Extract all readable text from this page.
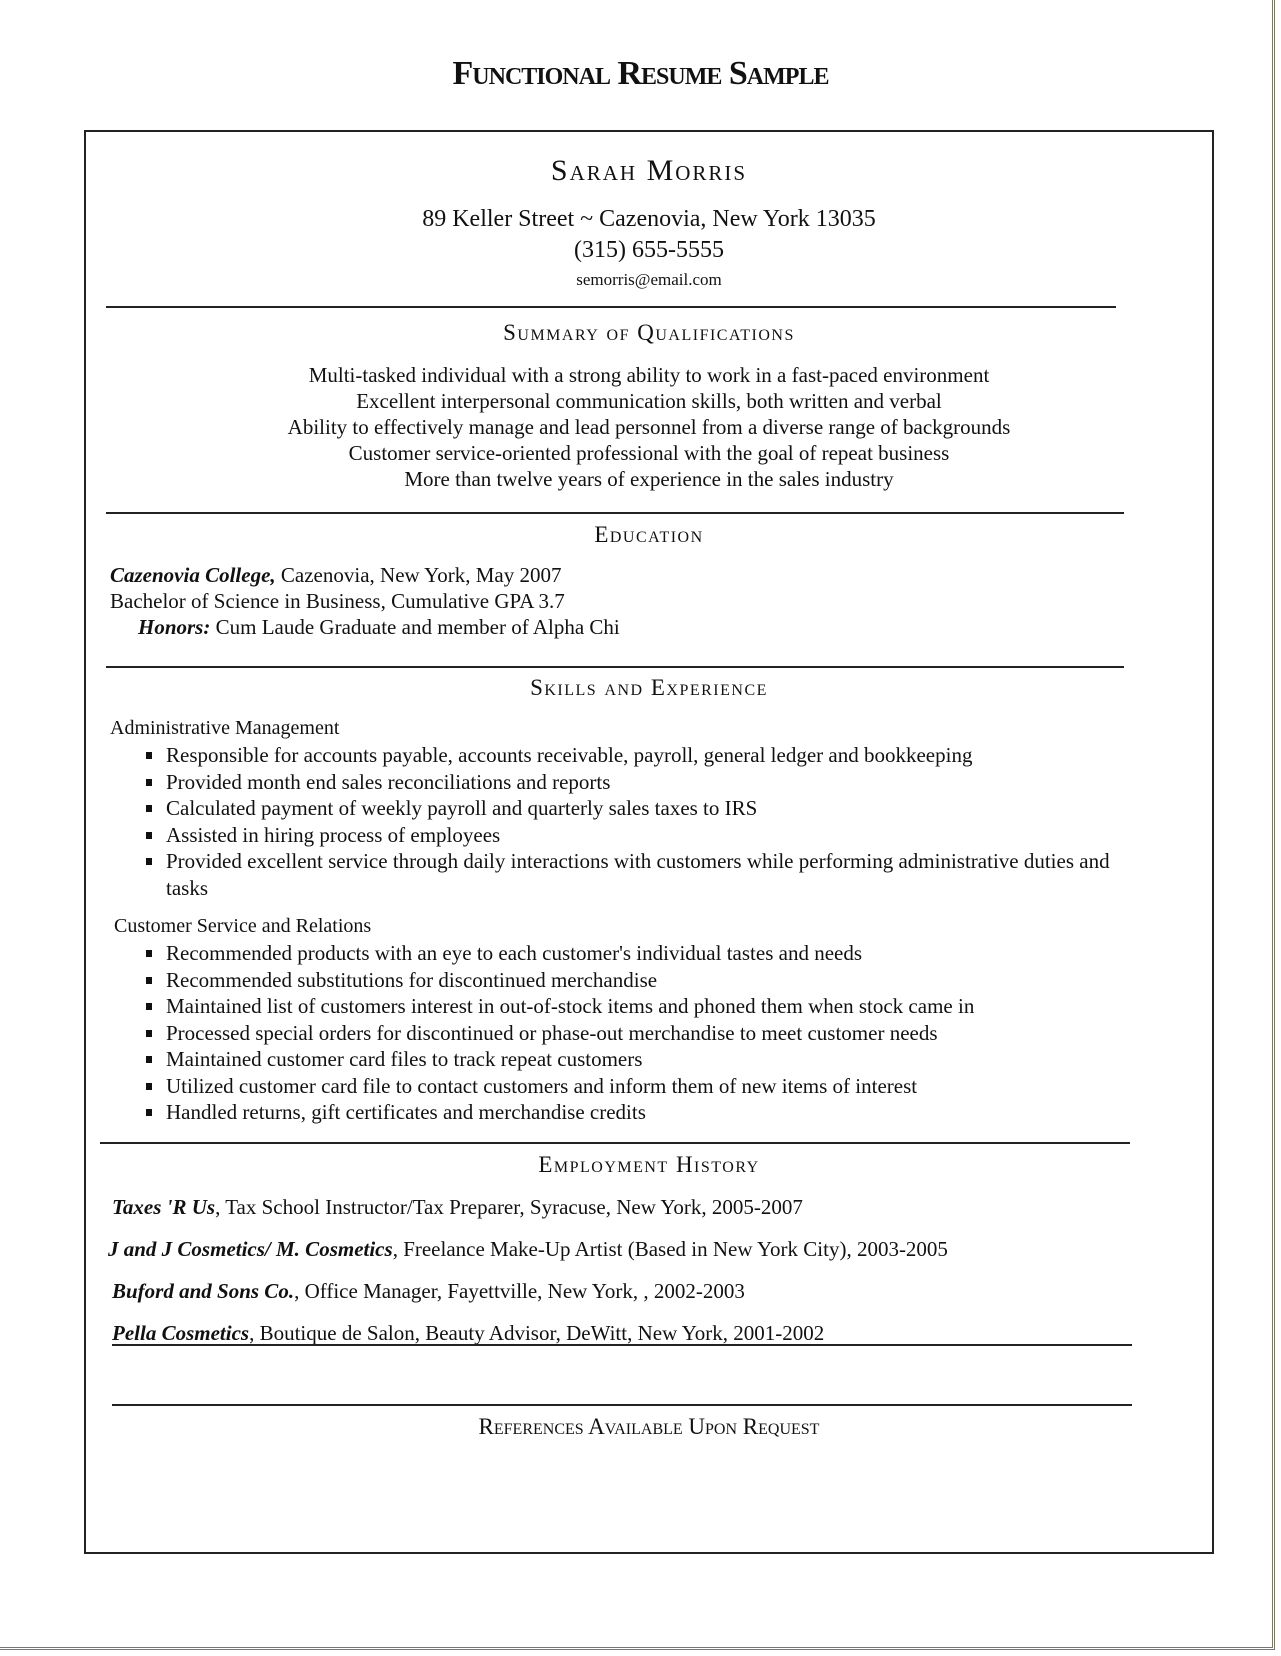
Functional Resume Sample
Sarah Morris
89 Keller Street ~ Cazenovia, New York 13035
(315) 655-5555
semorris@email.com
Summary of Qualifications
Multi-tasked individual with a strong ability to work in a fast-paced environment
Excellent interpersonal communication skills, both written and verbal
Ability to effectively manage and lead personnel from a diverse range of backgrounds
Customer service-oriented professional with the goal of repeat business
More than twelve years of experience in the sales industry
Education
Cazenovia College, Cazenovia, New York, May 2007
Bachelor of Science in Business, Cumulative GPA 3.7
Honors: Cum Laude Graduate and member of Alpha Chi
Skills and Experience
Administrative Management
Responsible for accounts payable, accounts receivable, payroll, general ledger and bookkeeping
Provided month end sales reconciliations and reports
Calculated payment of weekly payroll and quarterly sales taxes to IRS
Assisted in hiring process of employees
Provided excellent service through daily interactions with customers while performing administrative duties and tasks
Customer Service and Relations
Recommended products with an eye to each customer's individual tastes and needs
Recommended substitutions for discontinued merchandise
Maintained list of customers interest in out-of-stock items and phoned them when stock came in
Processed special orders for discontinued or phase-out merchandise to meet customer needs
Maintained customer card files to track repeat customers
Utilized customer card file to contact customers and inform them of new items of interest
Handled returns, gift certificates and merchandise credits
Employment History
Taxes 'R Us, Tax School Instructor/Tax Preparer, Syracuse, New York, 2005-2007
J and J Cosmetics/ M. Cosmetics, Freelance Make-Up Artist (Based in New York City), 2003-2005
Buford and Sons Co., Office Manager, Fayettville, New York, , 2002-2003
Pella Cosmetics, Boutique de Salon, Beauty Advisor, DeWitt, New York, 2001-2002
References Available Upon Request
